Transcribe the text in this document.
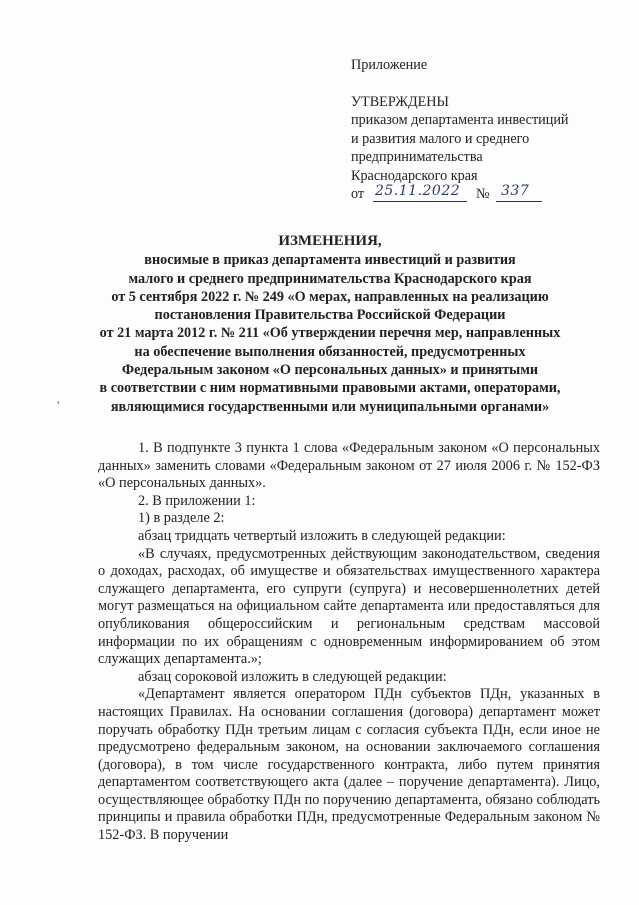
Приложение
УТВЕРЖДЕНЫ
приказом департамента инвестиций
и развития малого и среднего
предпринимательства
Краснодарского края
от 25.11.2022 № 337
ИЗМЕНЕНИЯ,
вносимые в приказ департамента инвестиций и развития
малого и среднего предпринимательства Краснодарского края
от 5 сентября 2022 г. № 249 «О мерах, направленных на реализацию
постановления Правительства Российской Федерации
от 21 марта 2012 г. № 211 «Об утверждении перечня мер, направленных
на обеспечение выполнения обязанностей, предусмотренных
Федеральным законом «О персональных данных» и принятыми
в соответствии с ним нормативными правовыми актами, операторами,
являющимися государственными или муниципальными органами»
‚

1. В подпункте 3 пункта 1 слова «Федеральным законом «О персональных данных» заменить словами «Федеральным законом от 27 июля 2006 г. № 152-ФЗ «О персональных данных».

2. В приложении 1:

1) в разделе 2:

абзац тридцать четвертый изложить в следующей редакции:

«В случаях, предусмотренных действующим законодательством, сведения о доходах, расходах, об имуществе и обязательствах имущественного характера служащего департамента, его супруги (супруга) и несовершеннолетних детей могут размещаться на официальном сайте департамента или предоставляться для опубликования общероссийским и региональным средствам массовой информации по их обращениям с одновременным информированием об этом служащих департамента.»;

абзац сороковой изложить в следующей редакции:

«Департамент является оператором ПДн субъектов ПДн, указанных в настоящих Правилах. На основании соглашения (договора) департамент может поручать обработку ПДн третьим лицам с согласия субъекта ПДн, если иное не предусмотрено федеральным законом, на основании заключаемого соглашения (договора), в том числе государственного контракта, либо путем принятия департаментом соответствующего акта (далее – поручение департамента). Лицо, осуществляющее обработку ПДн по поручению департамента, обязано соблюдать принципы и правила обработки ПДн, предусмотренные Федеральным законом № 152-ФЗ. В поручении
